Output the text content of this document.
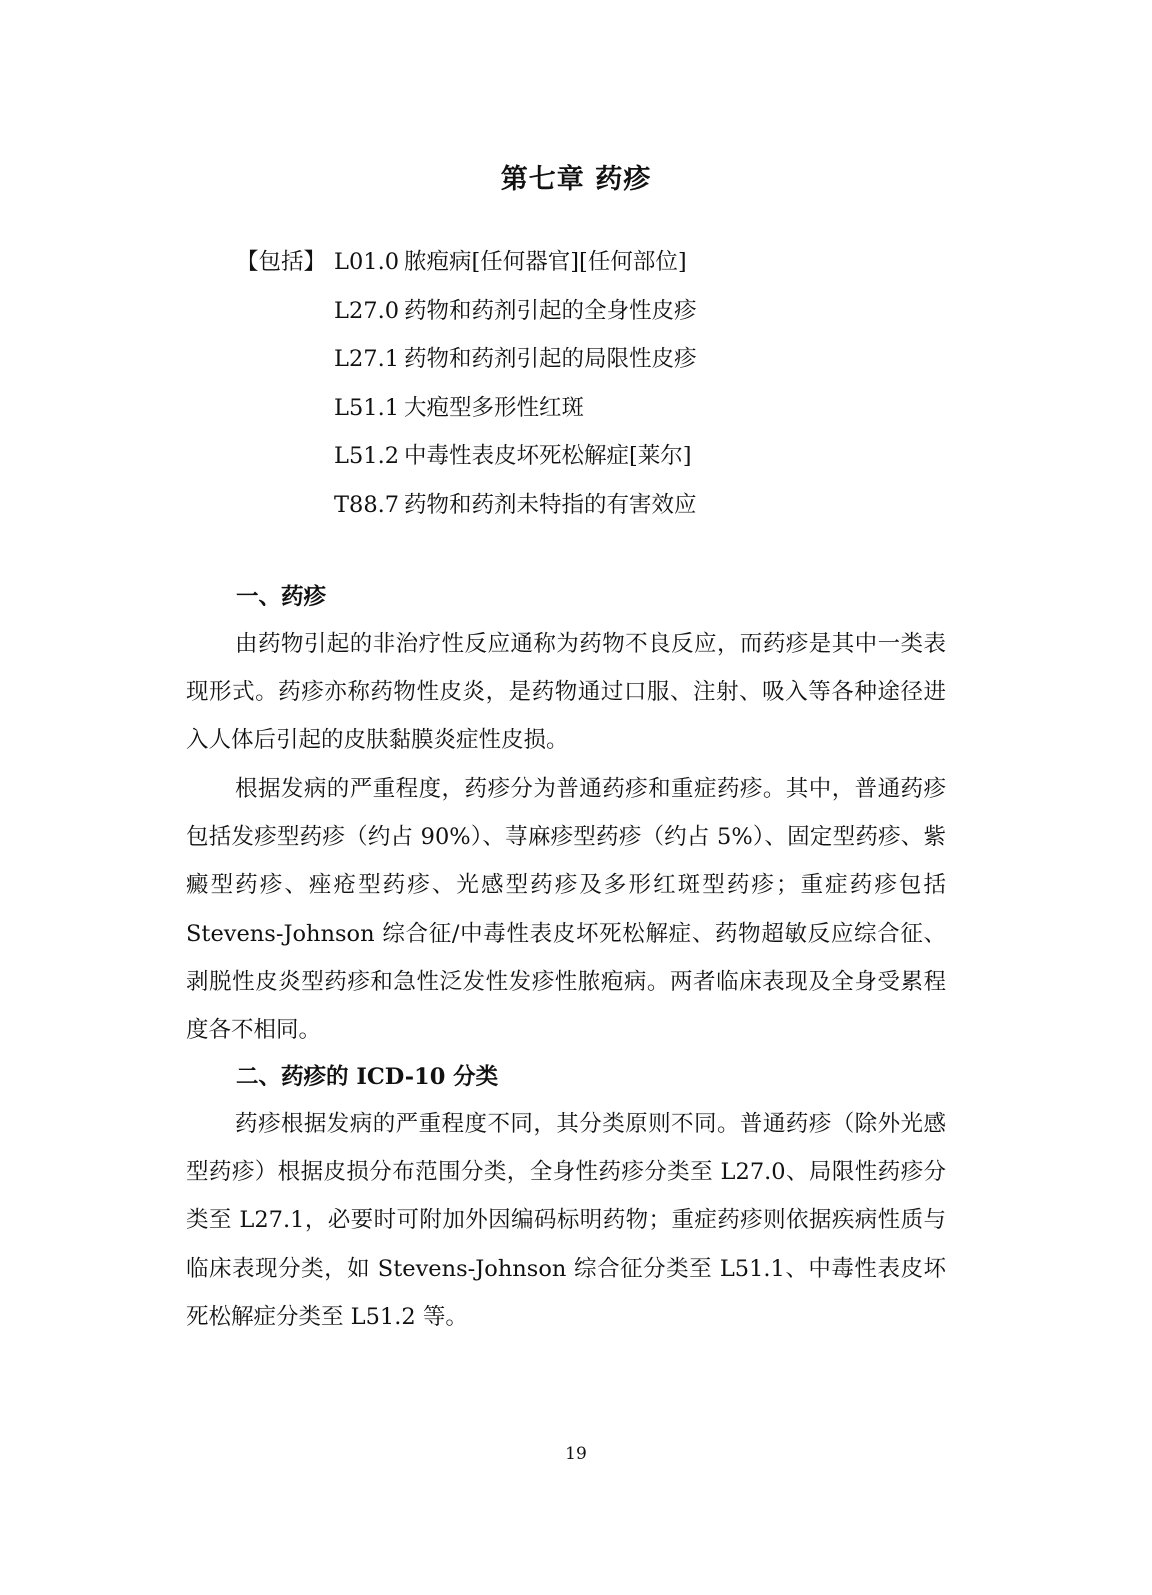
第七章 药疹
【包括】 L01.0 脓疱病[任何器官][任何部位]
L27.0 药物和药剂引起的全身性皮疹
L27.1 药物和药剂引起的局限性皮疹
L51.1 大疱型多形性红斑
L51.2 中毒性表皮坏死松解症[莱尔]
T88.7 药物和药剂未特指的有害效应
一、药疹

由药物引起的非治疗性反应通称为药物不良反应，而药疹是其中一类表现形式。药疹亦称药物性皮炎，是药物通过口服、注射、吸入等各种途径进入人体后引起的皮肤黏膜炎症性皮损。

根据发病的严重程度，药疹分为普通药疹和重症药疹。其中，普通药疹包括发疹型药疹（约占 90%）、荨麻疹型药疹（约占 5%）、固定型药疹、紫癜型药疹、痤疮型药疹、光感型药疹及多形红斑型药疹；重症药疹包括 Stevens-Johnson 综合征/中毒性表皮坏死松解症、药物超敏反应综合征、剥脱性皮炎型药疹和急性泛发性发疹性脓疱病。两者临床表现及全身受累程度各不相同。

二、药疹的 ICD-10 分类

药疹根据发病的严重程度不同，其分类原则不同。普通药疹（除外光感型药疹）根据皮损分布范围分类，全身性药疹分类至 L27.0、局限性药疹分类至 L27.1，必要时可附加外因编码标明药物；重症药疹则依据疾病性质与临床表现分类，如 Stevens-Johnson 综合征分类至 L51.1、中毒性表皮坏死松解症分类至 L51.2 等。

19
